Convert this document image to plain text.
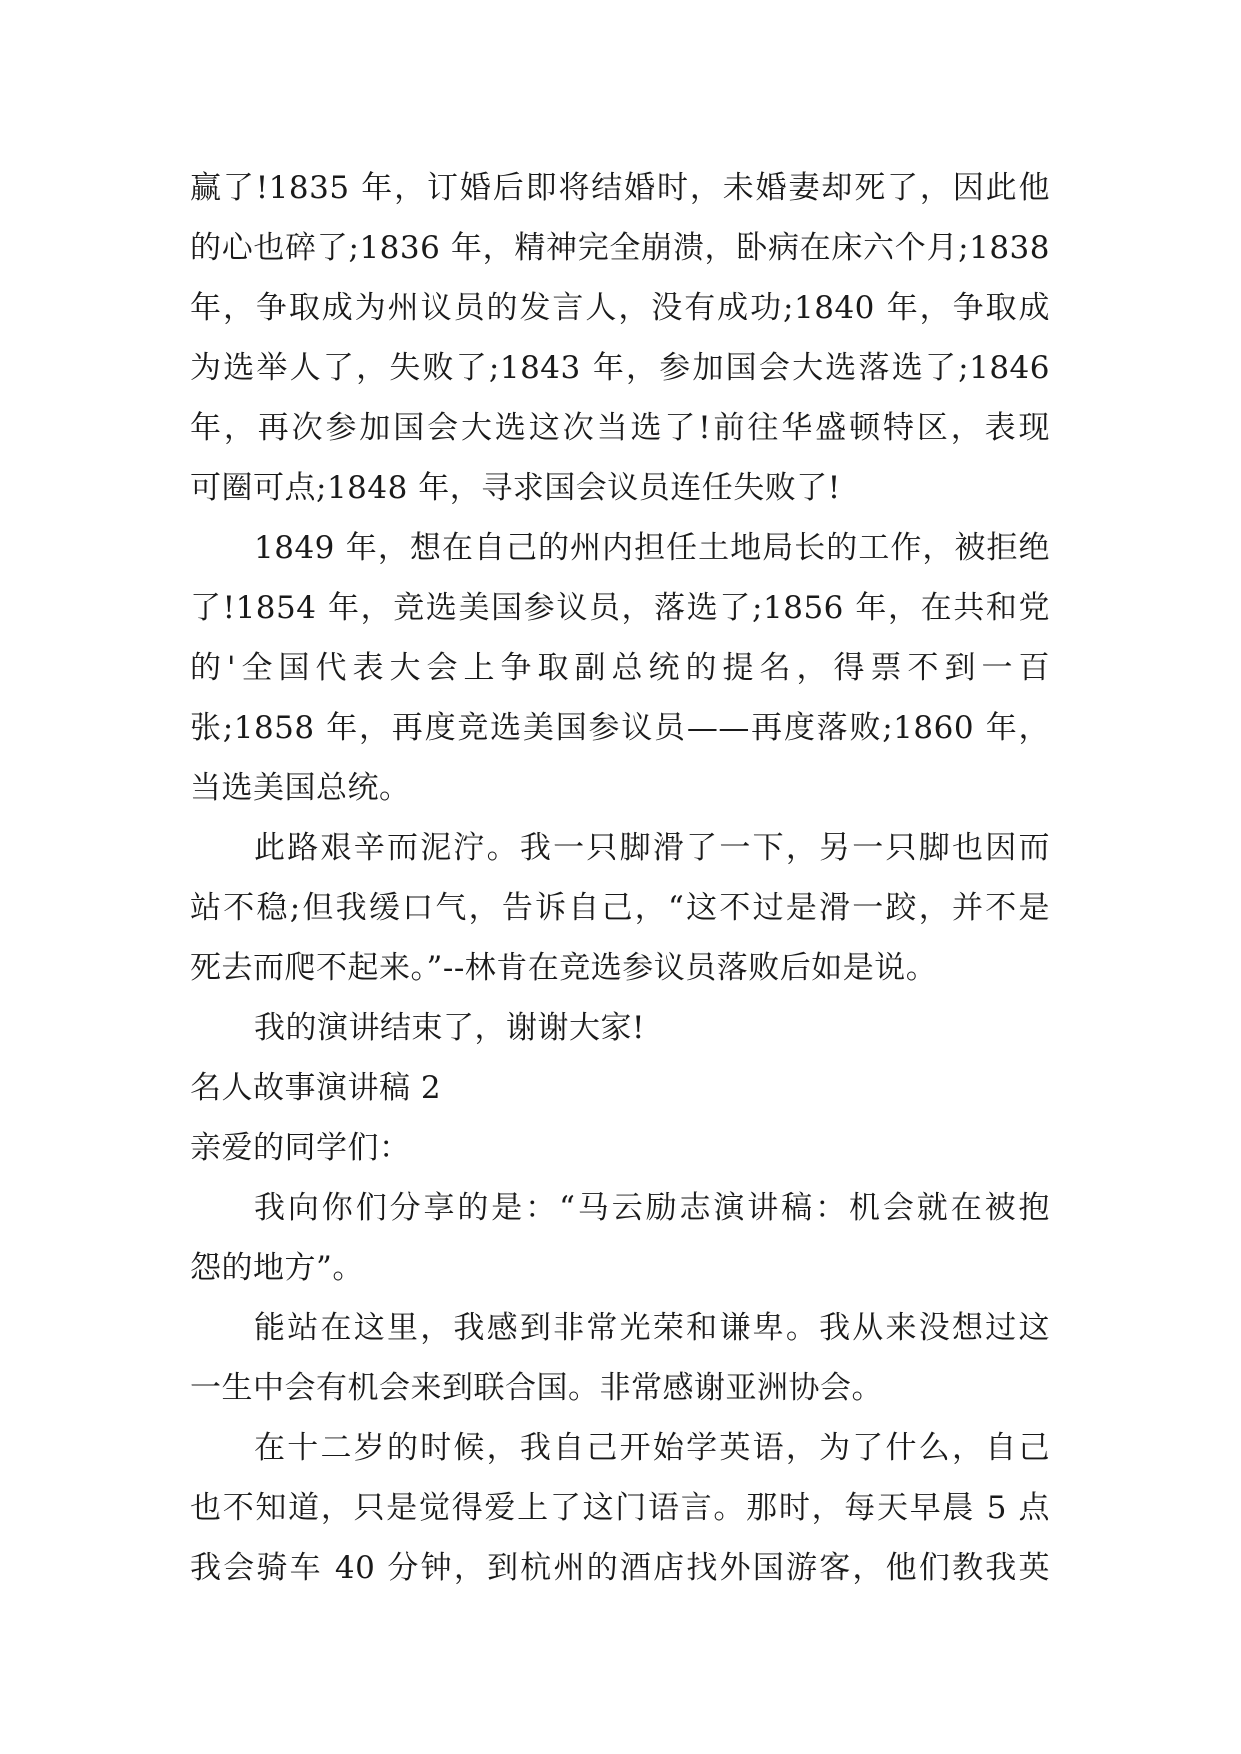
赢了!1835 年，订婚后即将结婚时，未婚妻却死了，因此他
的心也碎了;1836 年，精神完全崩溃，卧病在床六个月;1838
年，争取成为州议员的发言人，没有成功;1840 年，争取成
为选举人了，失败了;1843 年，参加国会大选落选了;1846
年，再次参加国会大选这次当选了!前往华盛顿特区，表现
可圈可点;1848 年，寻求国会议员连任失败了!
1849 年，想在自己的州内担任土地局长的工作，被拒绝
了!1854 年，竞选美国参议员，落选了;1856 年，在共和党
的'全国代表大会上争取副总统的提名，得票不到一百
张;1858 年，再度竞选美国参议员——再度落败;1860 年，
当选美国总统。
此路艰辛而泥泞。我一只脚滑了一下，另一只脚也因而
站不稳;但我缓口气，告诉自己，“这不过是滑一跤，并不是
死去而爬不起来。”--林肯在竞选参议员落败后如是说。
我的演讲结束了，谢谢大家!
名人故事演讲稿 2
亲爱的同学们：
我向你们分享的是：“马云励志演讲稿：机会就在被抱
怨的地方”。
能站在这里，我感到非常光荣和谦卑。我从来没想过这
一生中会有机会来到联合国。非常感谢亚洲协会。
在十二岁的时候，我自己开始学英语，为了什么，自己
也不知道，只是觉得爱上了这门语言。那时，每天早晨 5 点
我会骑车 40 分钟，到杭州的酒店找外国游客，他们教我英
